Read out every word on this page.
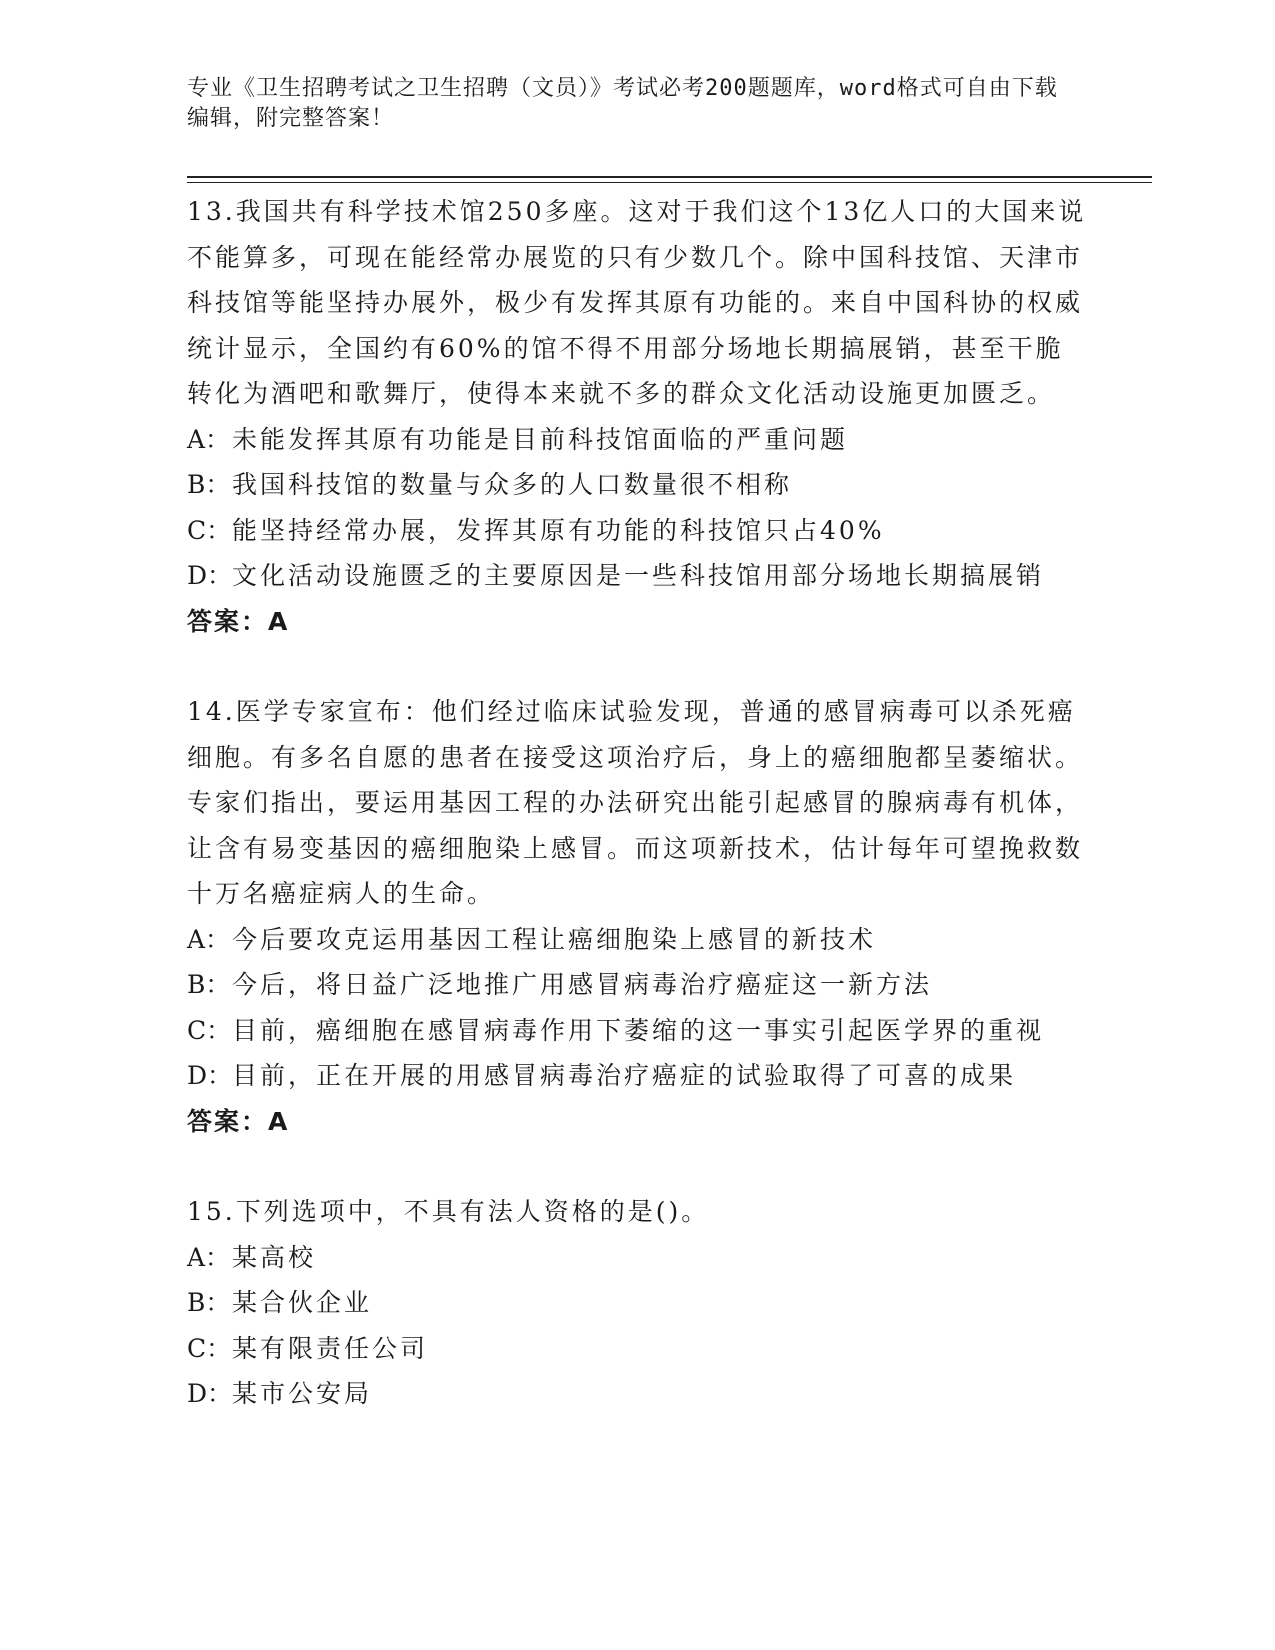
专业《卫生招聘考试之卫生招聘（文员）》考试必考200题题库，word格式可自由下载编辑，附完整答案！

13.我国共有科学技术馆250多座。这对于我们这个13亿人口的大国来说不能算多，可现在能经常办展览的只有少数几个。除中国科技馆、天津市科技馆等能坚持办展外，极少有发挥其原有功能的。来自中国科协的权威统计显示，全国约有60%的馆不得不用部分场地长期搞展销，甚至干脆转化为酒吧和歌舞厅，使得本来就不多的群众文化活动设施更加匮乏。

A：未能发挥其原有功能是目前科技馆面临的严重问题

B：我国科技馆的数量与众多的人口数量很不相称

C：能坚持经常办展，发挥其原有功能的科技馆只占40%

D：文化活动设施匮乏的主要原因是一些科技馆用部分场地长期搞展销

答案：A

14.医学专家宣布：他们经过临床试验发现，普通的感冒病毒可以杀死癌细胞。有多名自愿的患者在接受这项治疗后，身上的癌细胞都呈萎缩状。专家们指出，要运用基因工程的办法研究出能引起感冒的腺病毒有机体，让含有易变基因的癌细胞染上感冒。而这项新技术，估计每年可望挽救数十万名癌症病人的生命。

A：今后要攻克运用基因工程让癌细胞染上感冒的新技术

B：今后，将日益广泛地推广用感冒病毒治疗癌症这一新方法

C：目前，癌细胞在感冒病毒作用下萎缩的这一事实引起医学界的重视

D：目前，正在开展的用感冒病毒治疗癌症的试验取得了可喜的成果

答案：A

15.下列选项中，不具有法人资格的是()。

A：某高校

B：某合伙企业

C：某有限责任公司

D：某市公安局
